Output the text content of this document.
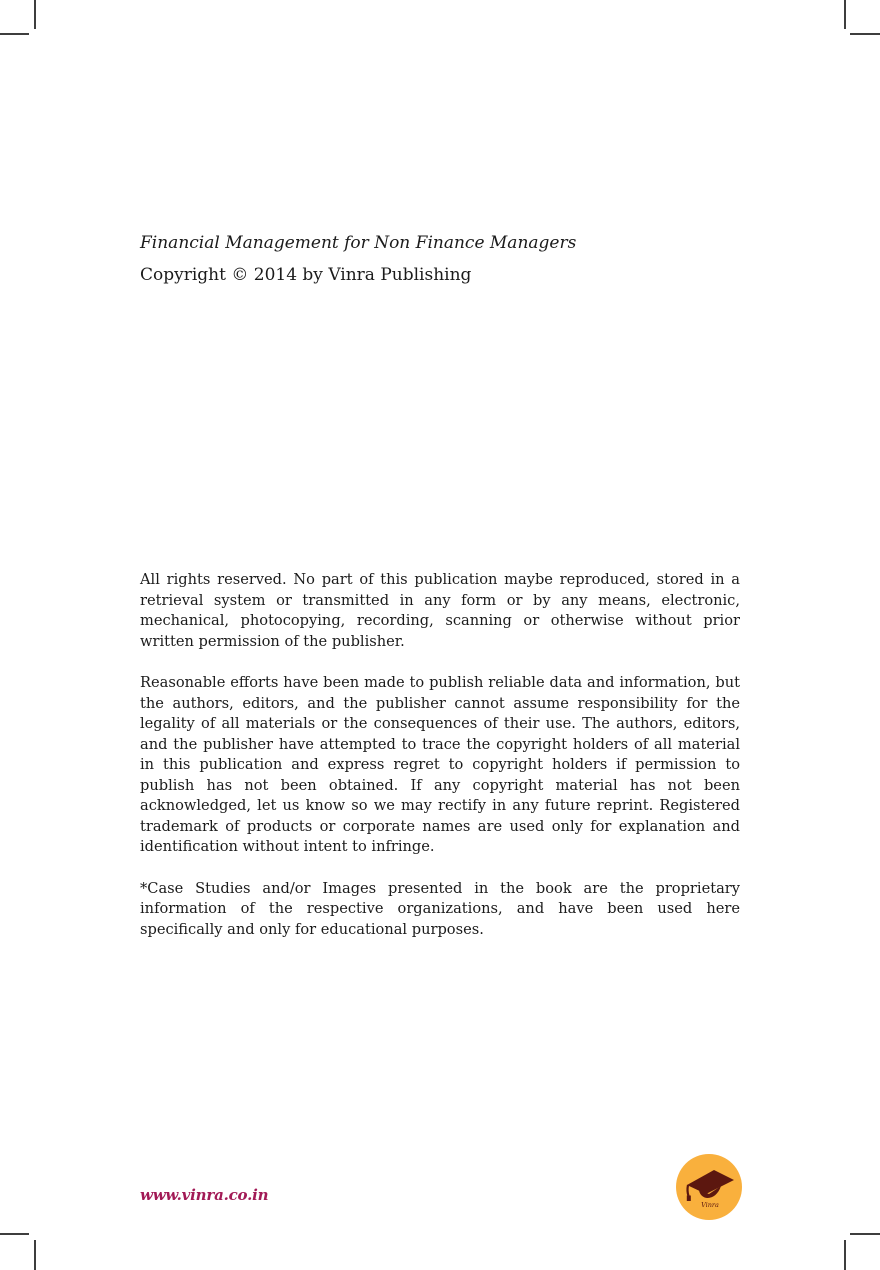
Financial Management for Non Finance Managers

Copyright © 2014 by Vinra Publishing

All rights reserved. No part of this publication maybe reproduced, stored in a retrieval system or transmitted in any form or by any means, electronic, mechanical, photocopying, recording, scanning or otherwise without prior written permission of the publisher.

Reasonable efforts have been made to publish reliable data and information, but the authors, editors, and the publisher cannot assume responsibility for the legality of all materials or the consequences of their use. The authors, editors, and the publisher have attempted to trace the copyright holders of all material in this publication and express regret to copyright holders if permission to publish has not been obtained. If any copyright material has not been acknowledged, let us know so we may rectify in any future reprint. Registered trademark of products or corporate names are used only for explanation and identification without intent to infringe.

*Case Studies and/or Images presented in the book are the proprietary information of the respective organizations, and have been used here specifically and only for educational purposes.

www.vinra.co.in
Vinra
